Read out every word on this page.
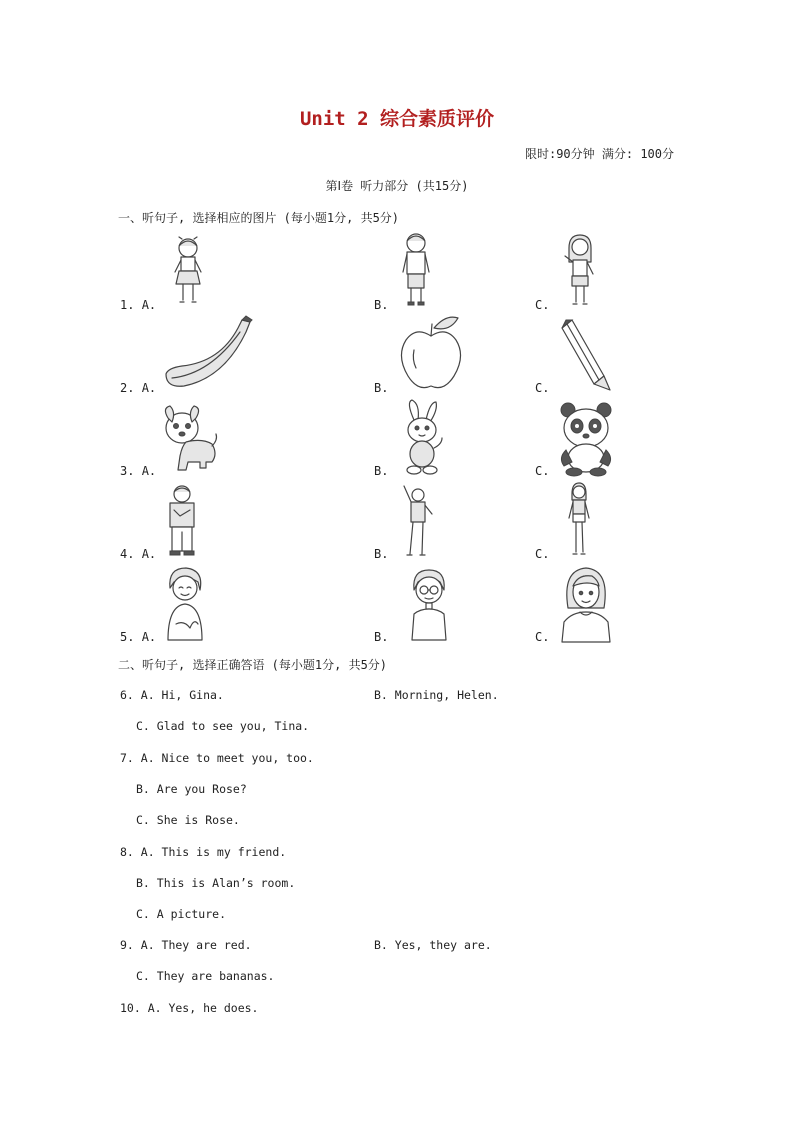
Unit 2 综合素质评价
限时:90分钟 满分: 100分
第Ⅰ卷 听力部分 (共15分)
一、听句子, 选择相应的图片 (每小题1分, 共5分)
1. A.	B.	C.
2. A.	B.	C.
3. A.	B.	C.
4. A.	B.	C.
5. A.	B.	C.
二、听句子, 选择正确答语 (每小题1分, 共5分)
6. A. Hi, Gina.	B. Morning, Helen.
C. Glad to see you, Tina.
7. A. Nice to meet you, too.
B. Are you Rose?
C. She is Rose.
8. A. This is my friend.
B. This is Alan’s room.
C. A picture.
9. A. They are red.	B. Yes, they are.
C. They are bananas.
10. A. Yes, he does.
